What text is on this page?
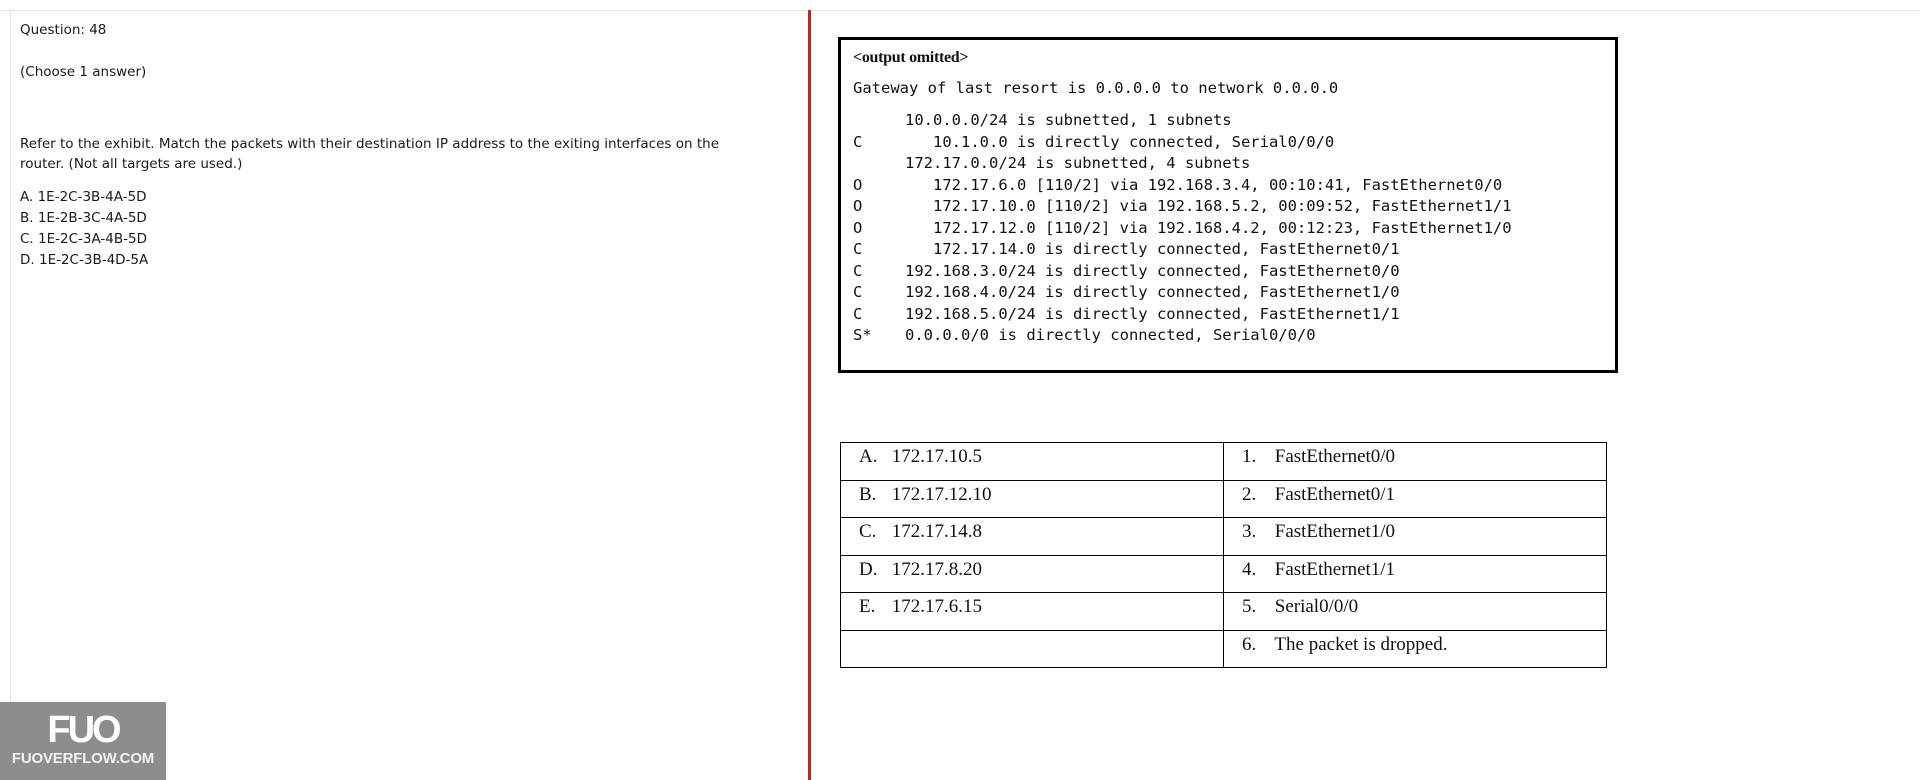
Question: 48

(Choose 1 answer)

Refer to the exhibit. Match the packets with their destination IP address to the exiting interfaces on the router. (Not all targets are used.)

A. 1E-2C-3B-4A-5D

B. 1E-2B-3C-4A-5D

C. 1E-2C-3A-4B-5D

D. 1E-2C-3B-4D-5A

<output omitted>

Gateway of last resort is 0.0.0.0 to network 0.0.0.0

10.0.0.0/24 is subnetted, 1 subnets
C	10.1.0.0 is directly connected, Serial0/0/0
172.17.0.0/24 is subnetted, 4 subnets
O	172.17.6.0 [110/2] via 192.168.3.4, 00:10:41, FastEthernet0/0
O	172.17.10.0 [110/2] via 192.168.5.2, 00:09:52, FastEthernet1/1
O	172.17.12.0 [110/2] via 192.168.4.2, 00:12:23, FastEthernet1/0
C	172.17.14.0 is directly connected, FastEthernet0/1
C	192.168.3.0/24 is directly connected, FastEthernet0/0
C	192.168.4.0/24 is directly connected, FastEthernet1/0
C	192.168.5.0/24 is directly connected, FastEthernet1/1
S* 0.0.0.0/0 is directly connected, Serial0/0/0
A. 172.17.10.5	1. FastEthernet0/0
B. 172.17.12.10	2. FastEthernet0/1
C. 172.17.14.8	3. FastEthernet1/0
D. 172.17.8.20	4. FastEthernet1/1
E. 172.17.6.15	5. Serial0/0/0
	6. The packet is dropped.
FUO
FUOVERFLOW.COM
